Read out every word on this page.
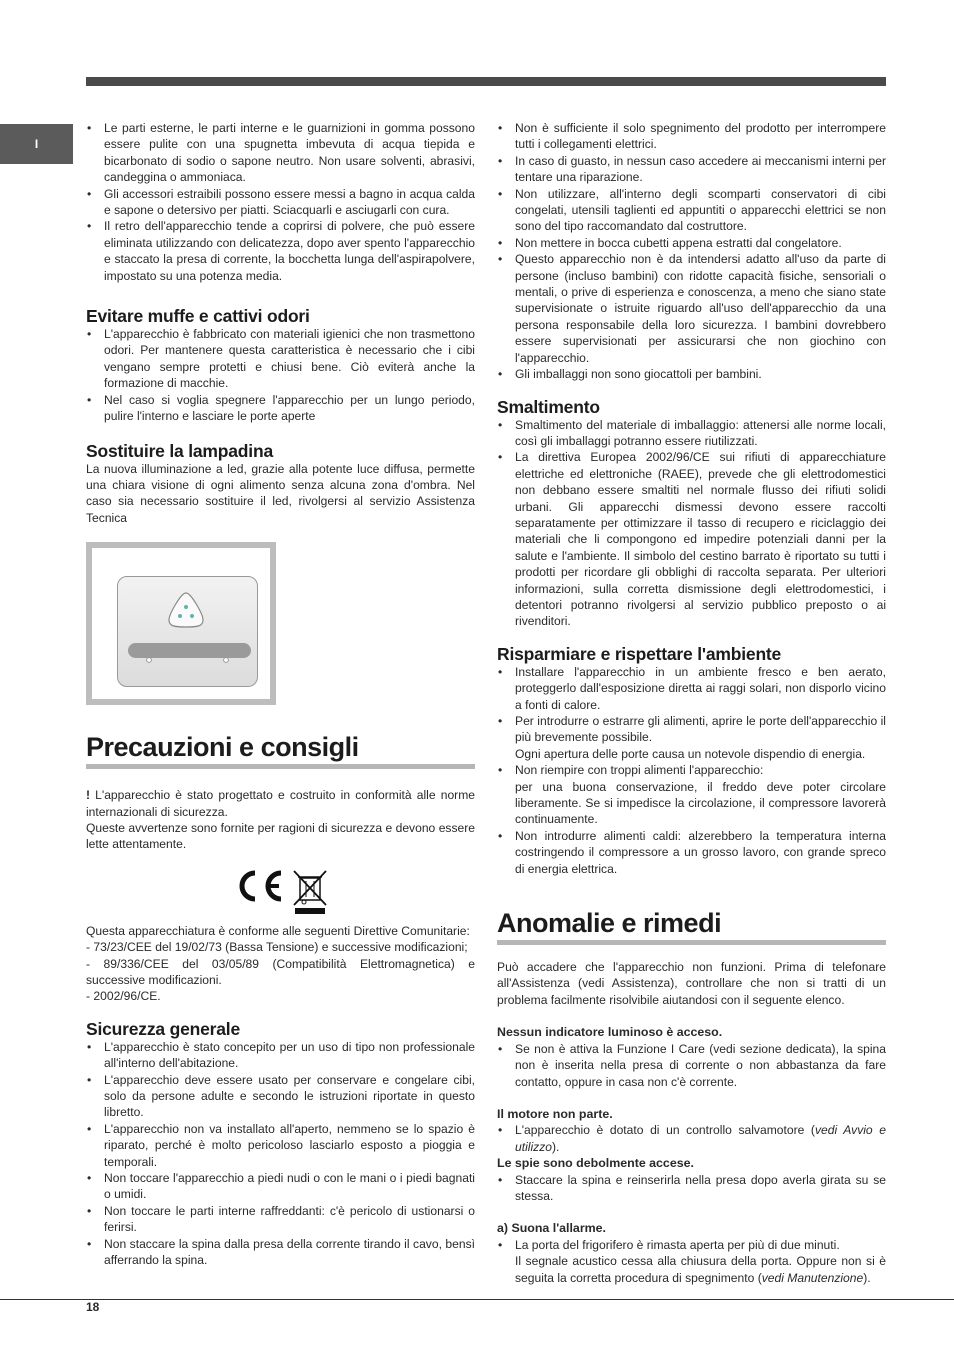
I
• Le parti esterne, le parti interne e le guarnizioni in gomma possono essere pulite con una spugnetta imbevuta di acqua tiepida e bicarbonato di sodio o sapone neutro. Non usare solventi, abrasivi, candeggina o ammoniaca.
• Gli accessori estraibili possono essere messi a bagno in acqua calda e sapone o detersivo per piatti. Sciacquarli e asciugarli con cura.
• Il retro dell'apparecchio tende a coprirsi di polvere, che può essere eliminata utilizzando con delicatezza, dopo aver spento l'apparecchio e staccato la presa di corrente, la bocchetta lunga dell'aspirapolvere, impostato su una potenza media.
Evitare muffe e cattivi odori
• L'apparecchio è fabbricato con materiali igienici che non trasmettono odori. Per mantenere questa caratteristica è necessario che i cibi vengano sempre protetti e chiusi bene. Ciò eviterà anche la formazione di macchie.
• Nel caso si voglia spegnere l'apparecchio per un lungo periodo, pulire l'interno e lasciare le porte aperte
Sostituire la lampadina

La nuova illuminazione a led, grazie alla potente luce diffusa, permette una chiara visione di ogni alimento senza alcuna zona d'ombra. Nel caso sia necessario sostituire il led, rivolgersi al servizio Assistenza Tecnica

Precauzioni e consigli

! L'apparecchio è stato progettato e costruito in conformità alle norme internazionali di sicurezza.

Queste avvertenze sono fornite per ragioni di sicurezza e devono essere lette attentamente.

Questa apparecchiatura è conforme alle seguenti Direttive Comunitarie:

- 73/23/CEE del 19/02/73 (Bassa Tensione) e successive modificazioni;

- 89/336/CEE del 03/05/89 (Compatibilità Elettromagnetica) e successive modificazioni.

- 2002/96/CE.

Sicurezza generale
• L'apparecchio è stato concepito per un uso di tipo non professionale all'interno dell'abitazione.
• L'apparecchio deve essere usato per conservare e congelare cibi, solo da persone adulte e secondo le istruzioni riportate in questo libretto.
• L'apparecchio non va installato all'aperto, nemmeno se lo spazio è riparato, perché è molto pericoloso lasciarlo esposto a pioggia e temporali.
• Non toccare l'apparecchio a piedi nudi o con le mani o i piedi bagnati o umidi.
• Non toccare le parti interne raffreddanti: c'è pericolo di ustionarsi o ferirsi.
• Non staccare la spina dalla presa della corrente tirando il cavo, bensì afferrando la spina.
• Non è sufficiente il solo spegnimento del prodotto per interrompere tutti i collegamenti elettrici.
• In caso di guasto, in nessun caso accedere ai meccanismi interni per tentare una riparazione.
• Non utilizzare, all'interno degli scomparti conservatori di cibi congelati, utensili taglienti ed appuntiti o apparecchi elettrici se non sono del tipo raccomandato dal costruttore.
• Non mettere in bocca cubetti appena estratti dal congelatore.
• Questo apparecchio non è da intendersi adatto all'uso da parte di persone (incluso bambini) con ridotte capacità fisiche, sensoriali o mentali, o prive di esperienza e conoscenza, a meno che siano state supervisionate o istruite riguardo all'uso dell'apparecchio da una persona responsabile della loro sicurezza. I bambini dovrebbero essere supervisionati per assicurarsi che non giochino con l'apparecchio.
• Gli imballaggi non sono giocattoli per bambini.
Smaltimento
• Smaltimento del materiale di imballaggio: attenersi alle norme locali, così gli imballaggi potranno essere riutilizzati.
• La direttiva Europea 2002/96/CE sui rifiuti di apparecchiature elettriche ed elettroniche (RAEE), prevede che gli elettrodomestici non debbano essere smaltiti nel normale flusso dei rifiuti solidi urbani. Gli apparecchi dismessi devono essere raccolti separatamente per ottimizzare il tasso di recupero e riciclaggio dei materiali che li compongono ed impedire potenziali danni per la salute e l'ambiente. Il simbolo del cestino barrato è riportato su tutti i prodotti per ricordare gli obblighi di raccolta separata. Per ulteriori informazioni, sulla corretta dismissione degli elettrodomestici, i detentori potranno rivolgersi al servizio pubblico preposto o ai rivenditori.
Risparmiare e rispettare l'ambiente
• Installare l'apparecchio in un ambiente fresco e ben aerato, proteggerlo dall'esposizione diretta ai raggi solari, non disporlo vicino a fonti di calore.
• Per introdurre o estrarre gli alimenti, aprire le porte dell'apparecchio il più brevemente possibile.

Ogni apertura delle porte causa un notevole dispendio di energia.

• Non riempire con troppi alimenti l'apparecchio:

per una buona conservazione, il freddo deve poter circolare liberamente. Se si impedisce la circolazione, il compressore lavorerà continuamente.

• Non introdurre alimenti caldi: alzerebbero la temperatura interna costringendo il compressore a un grosso lavoro, con grande spreco di energia elettrica.
Anomalie e rimedi

Può accadere che l'apparecchio non funzioni. Prima di telefonare all'Assistenza (vedi Assistenza), controllare che non si tratti di un problema facilmente risolvibile aiutandosi con il seguente elenco.

Nessun indicatore luminoso è acceso.

• Se non è attiva la Funzione I Care (vedi sezione dedicata), la spina non è inserita nella presa di corrente o non abbastanza da fare contatto, oppure in casa non c'è corrente.

Il motore non parte.

• L'apparecchio è dotato di un controllo salvamotore (vedi Avvio e utilizzo).

Le spie sono debolmente accese.

• Staccare la spina e reinserirla nella presa dopo averla girata su se stessa.

a) Suona l'allarme.

• La porta del frigorifero è rimasta aperta per più di due minuti.

Il segnale acustico cessa alla chiusura della porta. Oppure non si è seguita la corretta procedura di spegnimento (vedi Manutenzione).

18
